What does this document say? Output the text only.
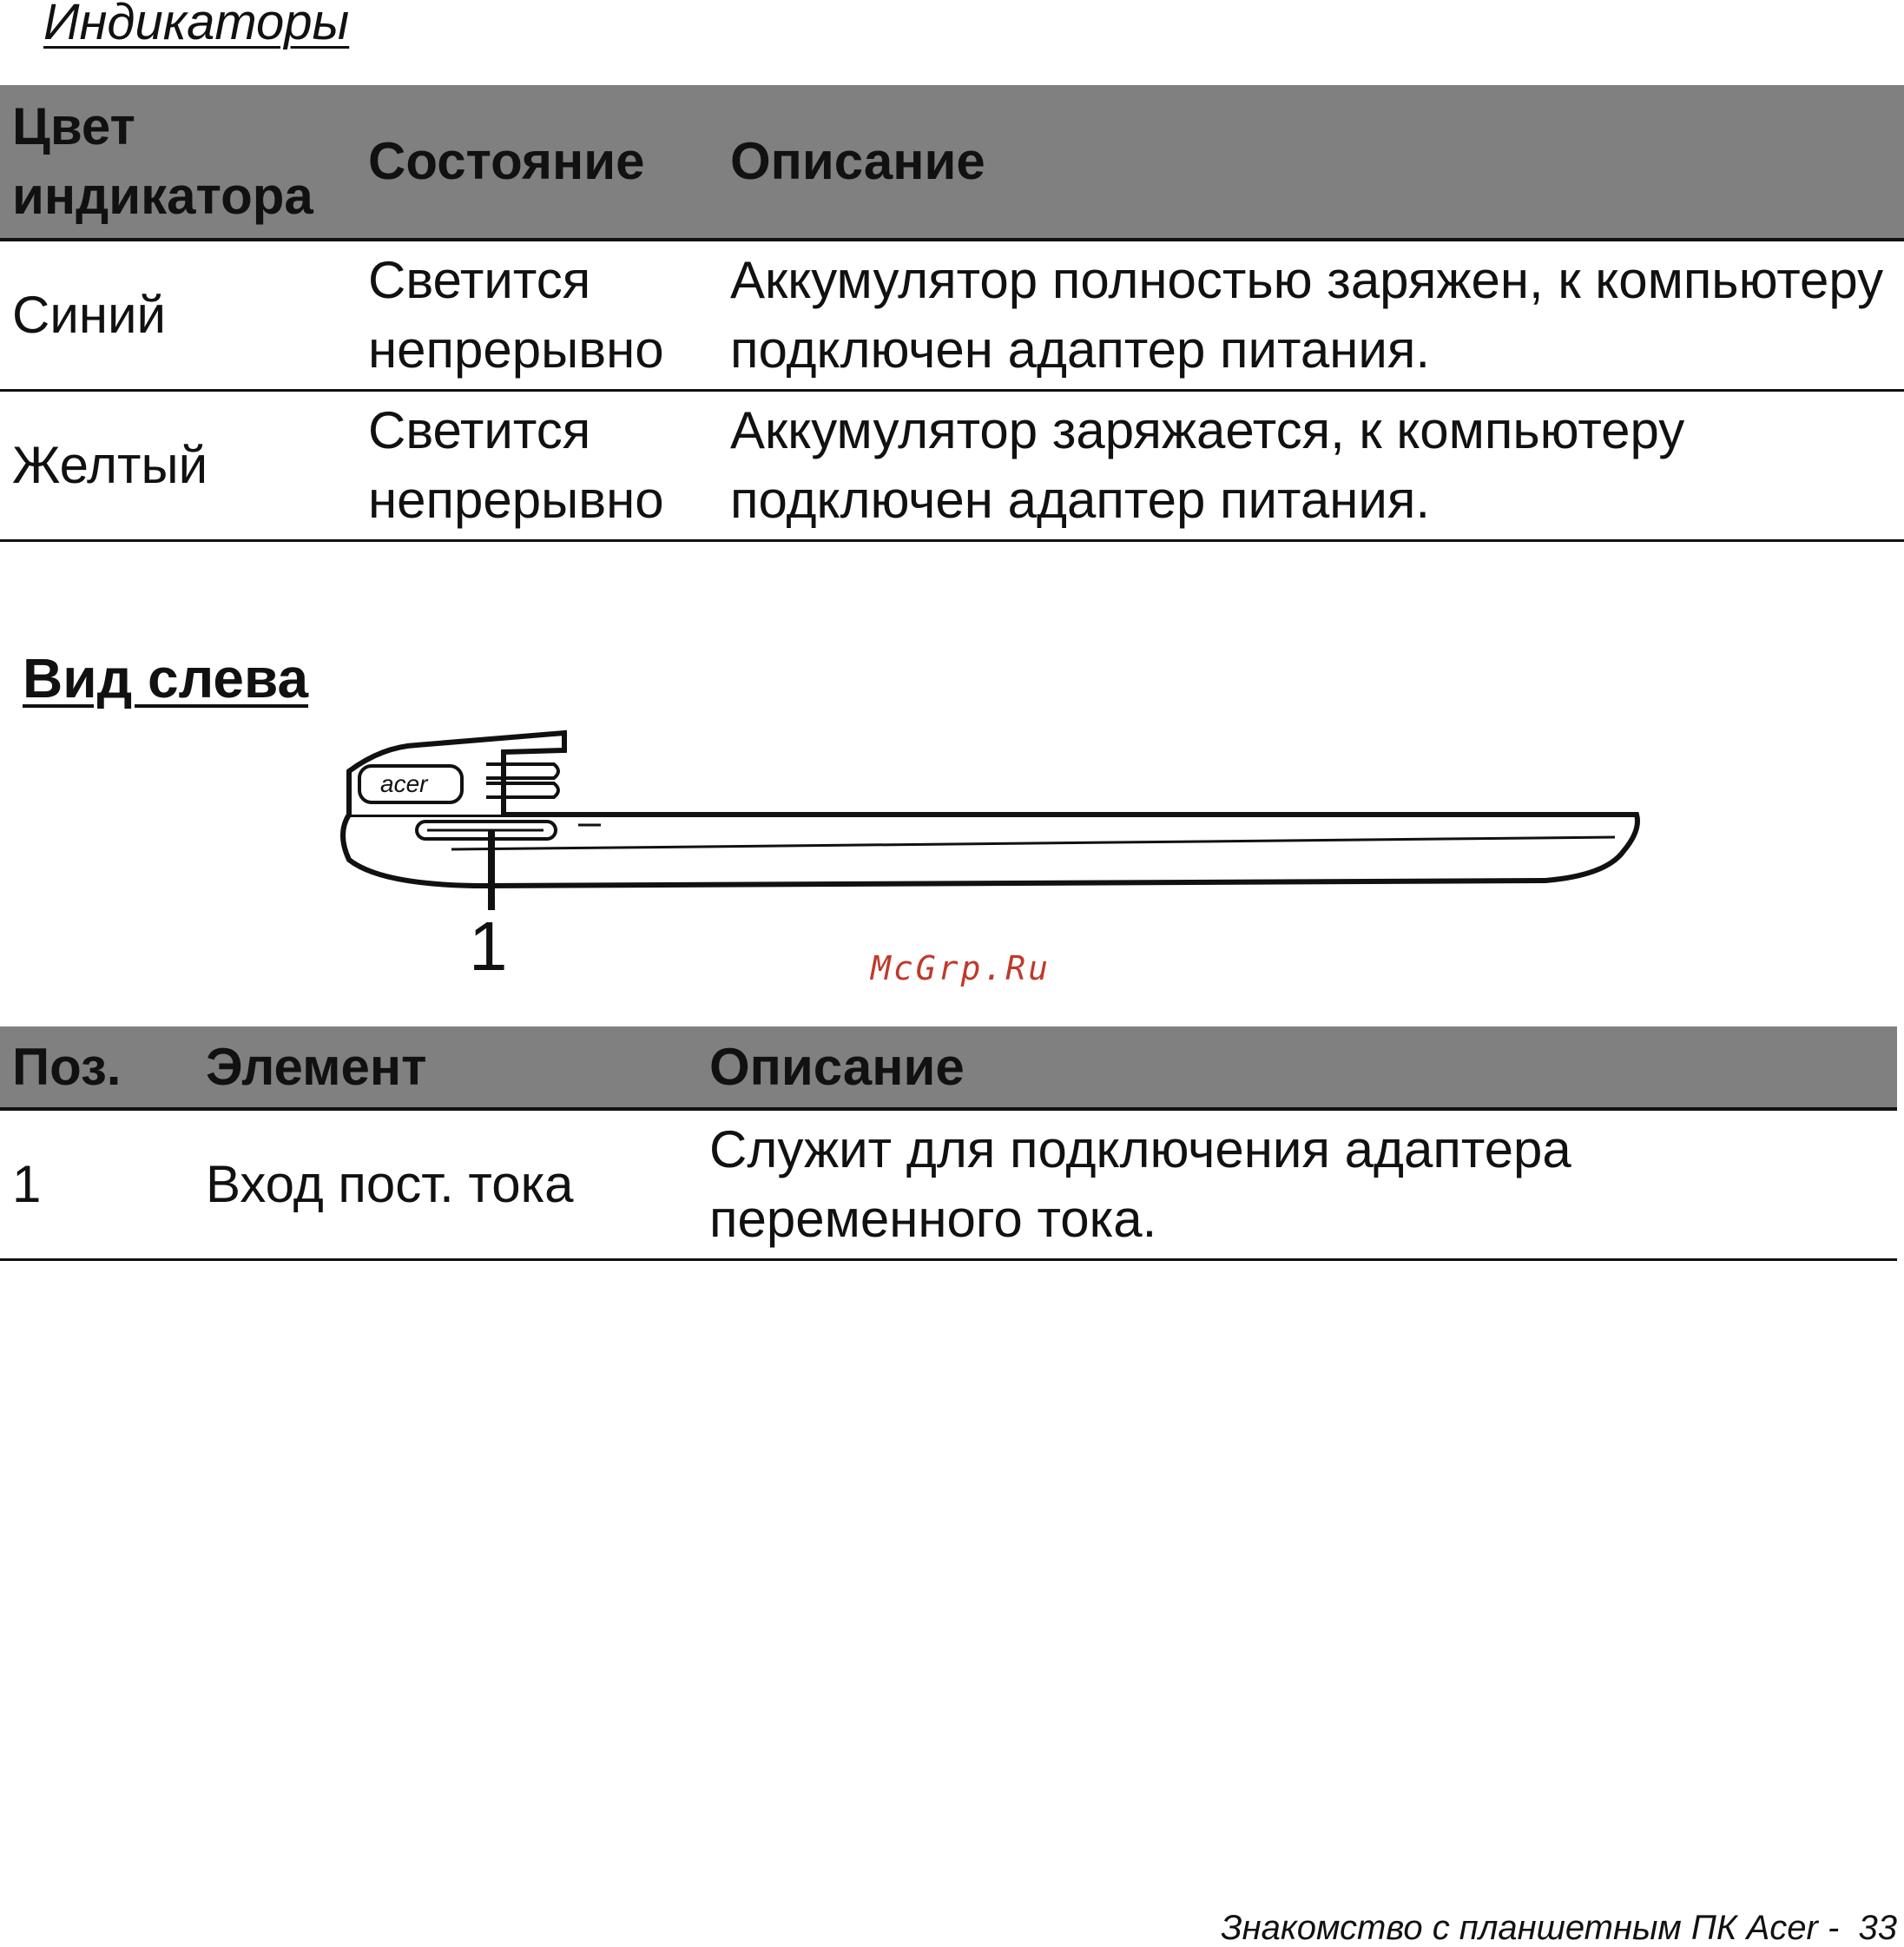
Индикаторы
Цвет индикатора	Состояние	Описание
Синий	Светится непрерывно	Аккумулятор полностью заряжен, к компьютеру подключен адаптер питания.
Желтый	Светится непрерывно	Аккумулятор заряжается, к компьютеру подключен адаптер питания.
Вид слева
acer
1	McGrp.Ru
Поз.	Элемент	Описание
1	Вход пост. тока	Служит для подключения адаптера переменного тока.
Знакомство с планшетным ПК Acer -  33
